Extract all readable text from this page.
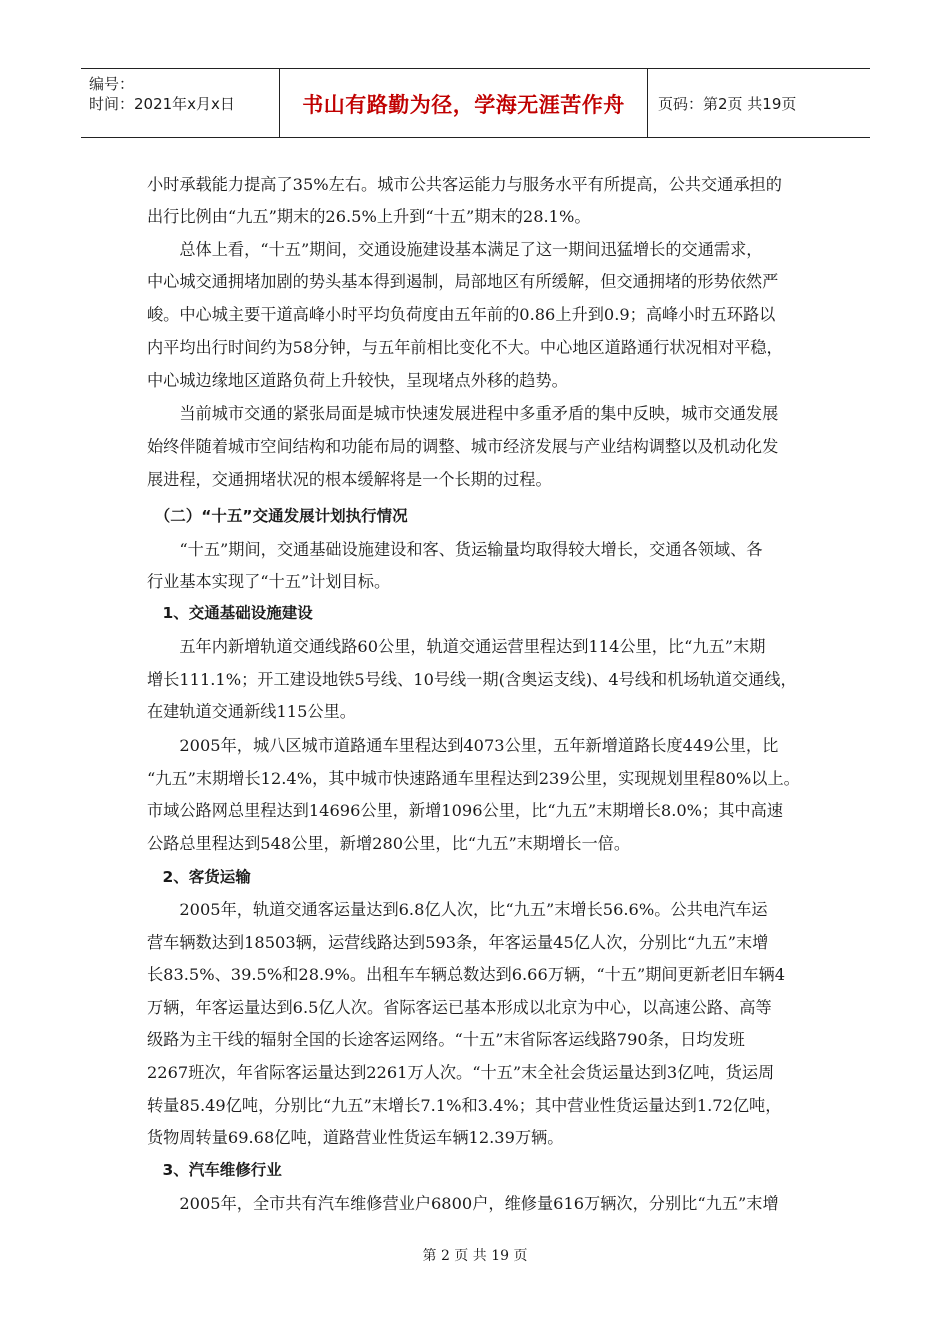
编号：
时间：2021年x月x日	书山有路勤为径，学海无涯苦作舟	页码：第2页 共19页
小时承载能力提高了35%左右。城市公共客运能力与服务水平有所提高，公共交通承担的
出行比例由“九五”期末的26.5%上升到“十五”期末的28.1%。
　　总体上看，“十五”期间，交通设施建设基本满足了这一期间迅猛增长的交通需求，
中心城交通拥堵加剧的势头基本得到遏制，局部地区有所缓解，但交通拥堵的形势依然严
峻。中心城主要干道高峰小时平均负荷度由五年前的0.86上升到0.9；高峰小时五环路以
内平均出行时间约为58分钟，与五年前相比变化不大。中心地区道路通行状况相对平稳，
中心城边缘地区道路负荷上升较快，呈现堵点外移的趋势。
　　当前城市交通的紧张局面是城市快速发展进程中多重矛盾的集中反映，城市交通发展
始终伴随着城市空间结构和功能布局的调整、城市经济发展与产业结构调整以及机动化发
展进程，交通拥堵状况的根本缓解将是一个长期的过程。
　（二）“十五”交通发展计划执行情况
　　“十五”期间，交通基础设施建设和客、货运输量均取得较大增长，交通各领域、各
行业基本实现了“十五”计划目标。
　1、交通基础设施建设
　　五年内新增轨道交通线路60公里，轨道交通运营里程达到114公里，比“九五”末期
增长111.1%；开工建设地铁5号线、10号线一期(含奥运支线)、4号线和机场轨道交通线，
在建轨道交通新线115公里。
　　2005年，城八区城市道路通车里程达到4073公里，五年新增道路长度449公里，比
“九五”末期增长12.4%，其中城市快速路通车里程达到239公里，实现规划里程80%以上。
市域公路网总里程达到14696公里，新增1096公里，比“九五”末期增长8.0%；其中高速
公路总里程达到548公里，新增280公里，比“九五”末期增长一倍。
　2、客货运输
　　2005年，轨道交通客运量达到6.8亿人次，比“九五”末增长56.6%。公共电汽车运
营车辆数达到18503辆，运营线路达到593条，年客运量45亿人次，分别比“九五”末增
长83.5%、39.5%和28.9%。出租车车辆总数达到6.66万辆，“十五”期间更新老旧车辆4
万辆，年客运量达到6.5亿人次。省际客运已基本形成以北京为中心，以高速公路、高等
级路为主干线的辐射全国的长途客运网络。“十五”末省际客运线路790条，日均发班
2267班次，年省际客运量达到2261万人次。“十五”末全社会货运量达到3亿吨，货运周
转量85.49亿吨，分别比“九五”末增长7.1%和3.4%；其中营业性货运量达到1.72亿吨，
货物周转量69.68亿吨，道路营业性货运车辆12.39万辆。
　3、汽车维修行业
　　2005年，全市共有汽车维修营业户6800户，维修量616万辆次，分别比“九五”末增
第 2 页 共 19 页
